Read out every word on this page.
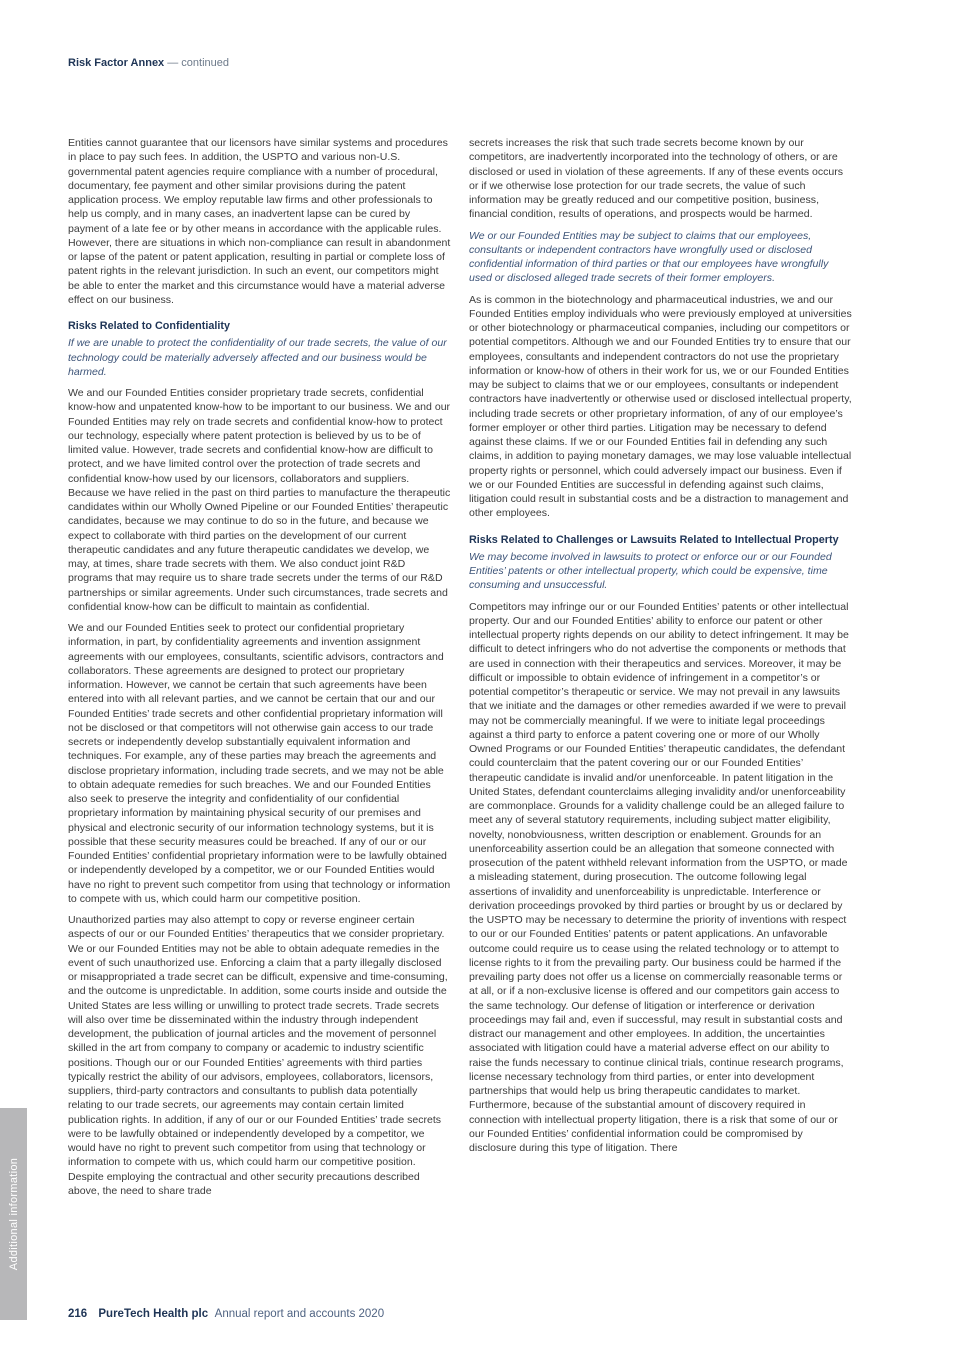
Risk Factor Annex — continued

Entities cannot guarantee that our licensors have similar systems and procedures in place to pay such fees. In addition, the USPTO and various non-U.S. governmental patent agencies require compliance with a number of procedural, documentary, fee payment and other similar provisions during the patent application process. We employ reputable law firms and other professionals to help us comply, and in many cases, an inadvertent lapse can be cured by payment of a late fee or by other means in accordance with the applicable rules. However, there are situations in which non-compliance can result in abandonment or lapse of the patent or patent application, resulting in partial or complete loss of patent rights in the relevant jurisdiction. In such an event, our competitors might be able to enter the market and this circumstance would have a material adverse effect on our business.

Risks Related to Confidentiality

If we are unable to protect the confidentiality of our trade secrets, the value of our technology could be materially adversely affected and our business would be harmed.

We and our Founded Entities consider proprietary trade secrets, confidential know-how and unpatented know-how to be important to our business. We and our Founded Entities may rely on trade secrets and confidential know-how to protect our technology, especially where patent protection is believed by us to be of limited value. However, trade secrets and confidential know-how are difficult to protect, and we have limited control over the protection of trade secrets and confidential know-how used by our licensors, collaborators and suppliers. Because we have relied in the past on third parties to manufacture the therapeutic candidates within our Wholly Owned Pipeline or our Founded Entities’ therapeutic candidates, because we may continue to do so in the future, and because we expect to collaborate with third parties on the development of our current therapeutic candidates and any future therapeutic candidates we develop, we may, at times, share trade secrets with them. We also conduct joint R&D programs that may require us to share trade secrets under the terms of our R&D partnerships or similar agreements. Under such circumstances, trade secrets and confidential know-how can be difficult to maintain as confidential.

We and our Founded Entities seek to protect our confidential proprietary information, in part, by confidentiality agreements and invention assignment agreements with our employees, consultants, scientific advisors, contractors and collaborators. These agreements are designed to protect our proprietary information. However, we cannot be certain that such agreements have been entered into with all relevant parties, and we cannot be certain that our and our Founded Entities’ trade secrets and other confidential proprietary information will not be disclosed or that competitors will not otherwise gain access to our trade secrets or independently develop substantially equivalent information and techniques. For example, any of these parties may breach the agreements and disclose proprietary information, including trade secrets, and we may not be able to obtain adequate remedies for such breaches. We and our Founded Entities also seek to preserve the integrity and confidentiality of our confidential proprietary information by maintaining physical security of our premises and physical and electronic security of our information technology systems, but it is possible that these security measures could be breached. If any of our or our Founded Entities’ confidential proprietary information were to be lawfully obtained or independently developed by a competitor, we or our Founded Entities would have no right to prevent such competitor from using that technology or information to compete with us, which could harm our competitive position.

Unauthorized parties may also attempt to copy or reverse engineer certain aspects of our or our Founded Entities’ therapeutics that we consider proprietary. We or our Founded Entities may not be able to obtain adequate remedies in the event of such unauthorized use. Enforcing a claim that a party illegally disclosed or misappropriated a trade secret can be difficult, expensive and time-consuming, and the outcome is unpredictable. In addition, some courts inside and outside the United States are less willing or unwilling to protect trade secrets. Trade secrets will also over time be disseminated within the industry through independent development, the publication of journal articles and the movement of personnel skilled in the art from company to company or academic to industry scientific positions. Though our or our Founded Entities’ agreements with third parties typically restrict the ability of our advisors, employees, collaborators, licensors, suppliers, third-party contractors and consultants to publish data potentially relating to our trade secrets, our agreements may contain certain limited publication rights. In addition, if any of our or our Founded Entities’ trade secrets were to be lawfully obtained or independently developed by a competitor, we would have no right to prevent such competitor from using that technology or information to compete with us, which could harm our competitive position. Despite employing the contractual and other security precautions described above, the need to share trade

secrets increases the risk that such trade secrets become known by our competitors, are inadvertently incorporated into the technology of others, or are disclosed or used in violation of these agreements. If any of these events occurs or if we otherwise lose protection for our trade secrets, the value of such information may be greatly reduced and our competitive position, business, financial condition, results of operations, and prospects would be harmed.

We or our Founded Entities may be subject to claims that our employees, consultants or independent contractors have wrongfully used or disclosed confidential information of third parties or that our employees have wrongfully used or disclosed alleged trade secrets of their former employers.

As is common in the biotechnology and pharmaceutical industries, we and our Founded Entities employ individuals who were previously employed at universities or other biotechnology or pharmaceutical companies, including our competitors or potential competitors. Although we and our Founded Entities try to ensure that our employees, consultants and independent contractors do not use the proprietary information or know-how of others in their work for us, we or our Founded Entities may be subject to claims that we or our employees, consultants or independent contractors have inadvertently or otherwise used or disclosed intellectual property, including trade secrets or other proprietary information, of any of our employee’s former employer or other third parties. Litigation may be necessary to defend against these claims. If we or our Founded Entities fail in defending any such claims, in addition to paying monetary damages, we may lose valuable intellectual property rights or personnel, which could adversely impact our business. Even if we or our Founded Entities are successful in defending against such claims, litigation could result in substantial costs and be a distraction to management and other employees.

Risks Related to Challenges or Lawsuits Related to Intellectual Property

We may become involved in lawsuits to protect or enforce our or our Founded Entities’ patents or other intellectual property, which could be expensive, time consuming and unsuccessful.

Competitors may infringe our or our Founded Entities’ patents or other intellectual property. Our and our Founded Entities’ ability to enforce our patent or other intellectual property rights depends on our ability to detect infringement. It may be difficult to detect infringers who do not advertise the components or methods that are used in connection with their therapeutics and services. Moreover, it may be difficult or impossible to obtain evidence of infringement in a competitor’s or potential competitor’s therapeutic or service. We may not prevail in any lawsuits that we initiate and the damages or other remedies awarded if we were to prevail may not be commercially meaningful. If we were to initiate legal proceedings against a third party to enforce a patent covering one or more of our Wholly Owned Programs or our Founded Entities’ therapeutic candidates, the defendant could counterclaim that the patent covering our or our Founded Entities’ therapeutic candidate is invalid and/or unenforceable. In patent litigation in the United States, defendant counterclaims alleging invalidity and/or unenforceability are commonplace. Grounds for a validity challenge could be an alleged failure to meet any of several statutory requirements, including subject matter eligibility, novelty, nonobviousness, written description or enablement. Grounds for an unenforceability assertion could be an allegation that someone connected with prosecution of the patent withheld relevant information from the USPTO, or made a misleading statement, during prosecution. The outcome following legal assertions of invalidity and unenforceability is unpredictable. Interference or derivation proceedings provoked by third parties or brought by us or declared by the USPTO may be necessary to determine the priority of inventions with respect to our or our Founded Entities’ patents or patent applications. An unfavorable outcome could require us to cease using the related technology or to attempt to license rights to it from the prevailing party. Our business could be harmed if the prevailing party does not offer us a license on commercially reasonable terms or at all, or if a non-exclusive license is offered and our competitors gain access to the same technology. Our defense of litigation or interference or derivation proceedings may fail and, even if successful, may result in substantial costs and distract our management and other employees. In addition, the uncertainties associated with litigation could have a material adverse effect on our ability to raise the funds necessary to continue clinical trials, continue research programs, license necessary technology from third parties, or enter into development partnerships that would help us bring therapeutic candidates to market. Furthermore, because of the substantial amount of discovery required in connection with intellectual property litigation, there is a risk that some of our or our Founded Entities’ confidential information could be compromised by disclosure during this type of litigation. There

Additional information
216 PureTech Health plc Annual report and accounts 2020
